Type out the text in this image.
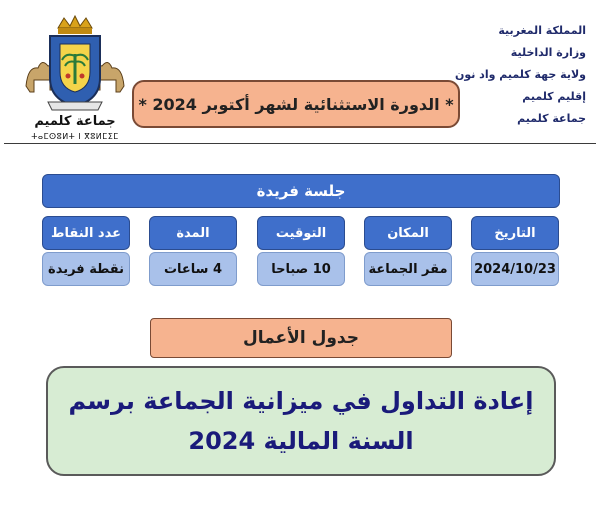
المملكة المغربية
وزارة الداخلية
ولاية جهة كلميم واد نون
إقليم كلميم
جماعة كلميم
جماعة كلميم
ⵜⴰⵎⵙⵓⵍⵜ ⵏ ⴳⵓⵍⵎⵉⵎ
* الدورة الاستثنائية لشهر أكتوبر 2024 *
جلسة فريدة
التاريخ
2024/10/23
المكان
مقر الجماعة
التوقيت
10 صباحا
المدة
4 ساعات
عدد النقاط
نقطة فريدة
جدول الأعمال
إعادة التداول في ميزانية الجماعة برسم السنة المالية 2024
